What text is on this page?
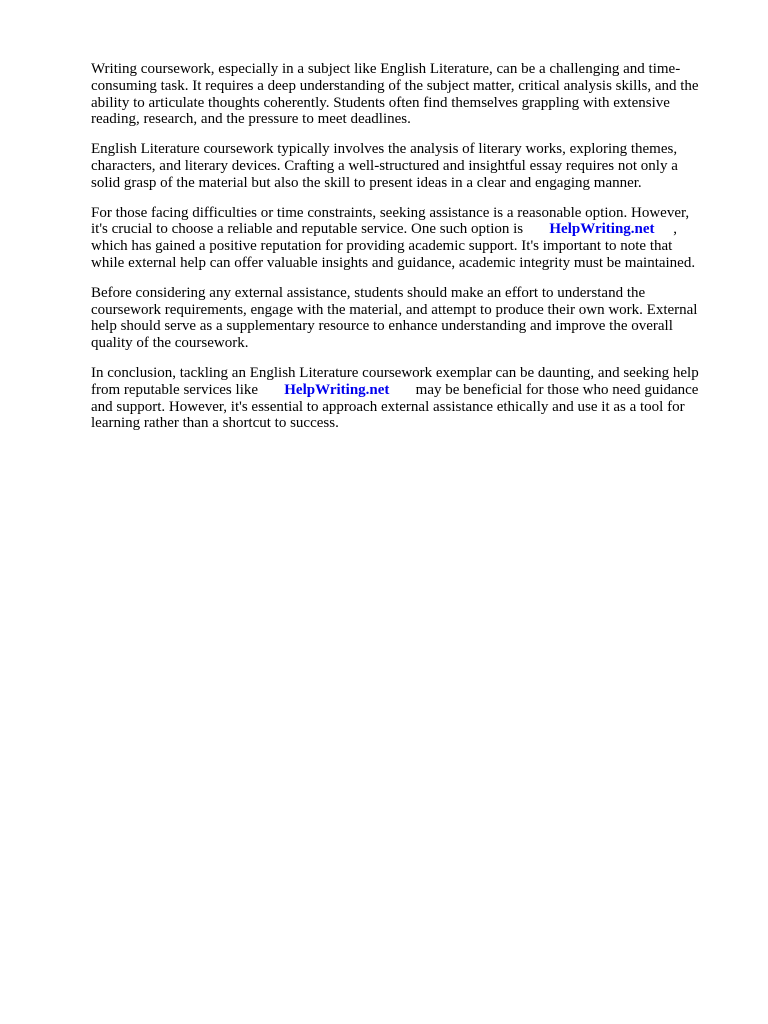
Writing coursework, especially in a subject like English Literature, can be a challenging and time-
consuming task. It requires a deep understanding of the subject matter, critical analysis skills, and the
ability to articulate thoughts coherently. Students often find themselves grappling with extensive
reading, research, and the pressure to meet deadlines.

English Literature coursework typically involves the analysis of literary works, exploring themes,
characters, and literary devices. Crafting a well-structured and insightful essay requires not only a
solid grasp of the material but also the skill to present ideas in a clear and engaging manner.

For those facing difficulties or time constraints, seeking assistance is a reasonable option. However,
it's crucial to choose a reliable and reputable service. One such option is HelpWriting.net ,
which has gained a positive reputation for providing academic support. It's important to note that
while external help can offer valuable insights and guidance, academic integrity must be maintained.

Before considering any external assistance, students should make an effort to understand the
coursework requirements, engage with the material, and attempt to produce their own work. External
help should serve as a supplementary resource to enhance understanding and improve the overall
quality of the coursework.

In conclusion, tackling an English Literature coursework exemplar can be daunting, and seeking help
from reputable services like HelpWriting.net may be beneficial for those who need guidance
and support. However, it's essential to approach external assistance ethically and use it as a tool for
learning rather than a shortcut to success.
